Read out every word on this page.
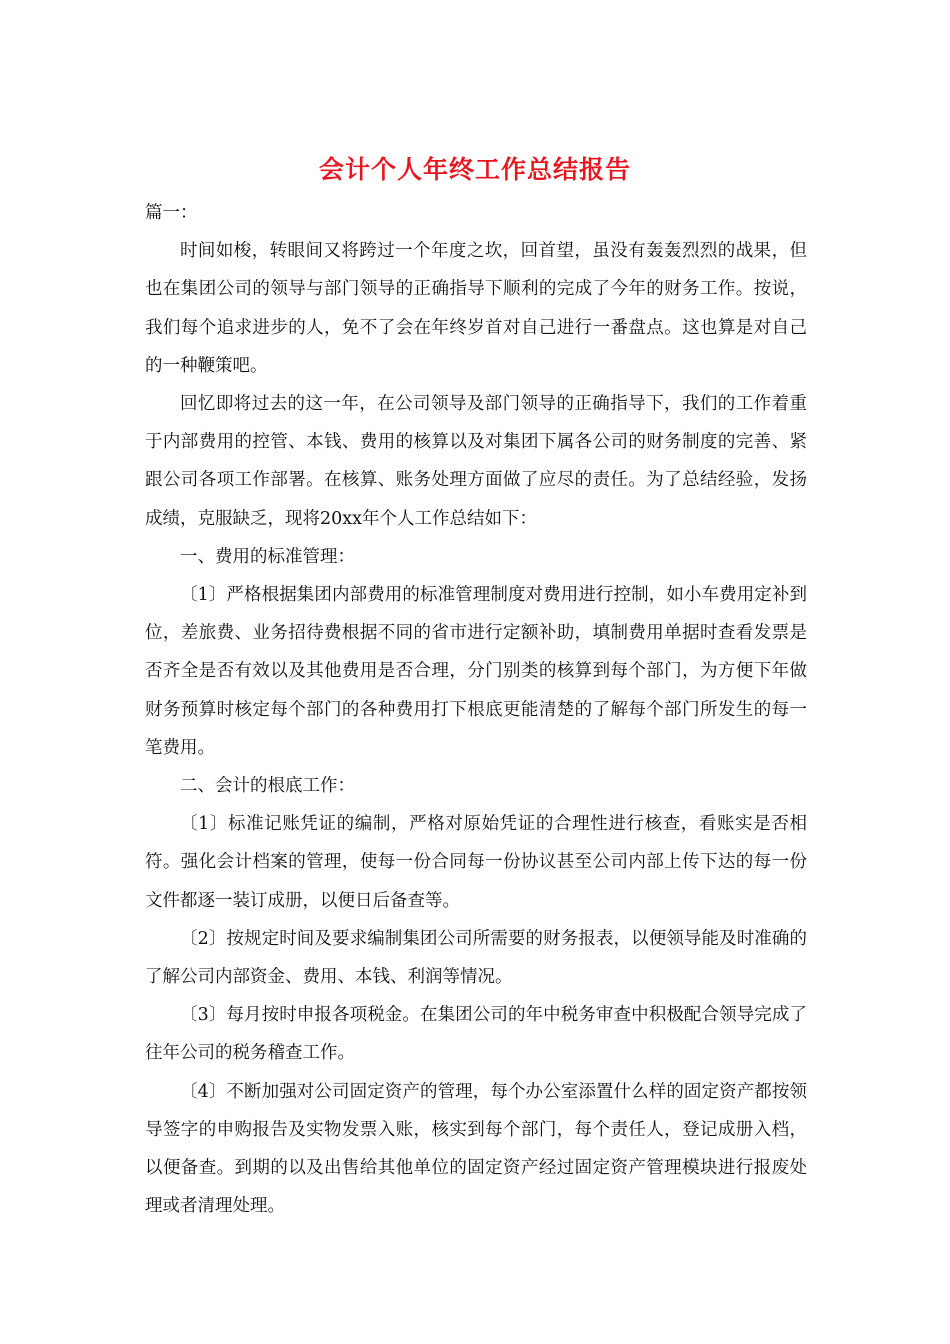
会计个人年终工作总结报告

篇一：

时间如梭，转眼间又将跨过一个年度之坎，回首望，虽没有轰轰烈烈的战果，但也在集团公司的领导与部门领导的正确指导下顺利的完成了今年的财务工作。按说，我们每个追求进步的人，免不了会在年终岁首对自己进行一番盘点。这也算是对自己的一种鞭策吧。

回忆即将过去的这一年，在公司领导及部门领导的正确指导下，我们的工作着重于内部费用的控管、本钱、费用的核算以及对集团下属各公司的财务制度的完善、紧跟公司各项工作部署。在核算、账务处理方面做了应尽的责任。为了总结经验，发扬成绩，克服缺乏，现将20xx年个人工作总结如下：

一、费用的标准管理：

〔1〕严格根据集团内部费用的标准管理制度对费用进行控制，如小车费用定补到位，差旅费、业务招待费根据不同的省市进行定额补助，填制费用单据时查看发票是否齐全是否有效以及其他费用是否合理，分门别类的核算到每个部门，为方便下年做财务预算时核定每个部门的各种费用打下根底更能清楚的了解每个部门所发生的每一笔费用。

二、会计的根底工作：

〔1〕标准记账凭证的编制，严格对原始凭证的合理性进行核查，看账实是否相符。强化会计档案的管理，使每一份合同每一份协议甚至公司内部上传下达的每一份文件都逐一装订成册，以便日后备查等。

〔2〕按规定时间及要求编制集团公司所需要的财务报表，以便领导能及时准确的了解公司内部资金、费用、本钱、利润等情况。

〔3〕每月按时申报各项税金。在集团公司的年中税务审查中积极配合领导完成了往年公司的税务稽查工作。

〔4〕不断加强对公司固定资产的管理，每个办公室添置什么样的固定资产都按领导签字的申购报告及实物发票入账，核实到每个部门，每个责任人，登记成册入档，以便备查。到期的以及出售给其他单位的固定资产经过固定资产管理模块进行报废处理或者清理处理。
